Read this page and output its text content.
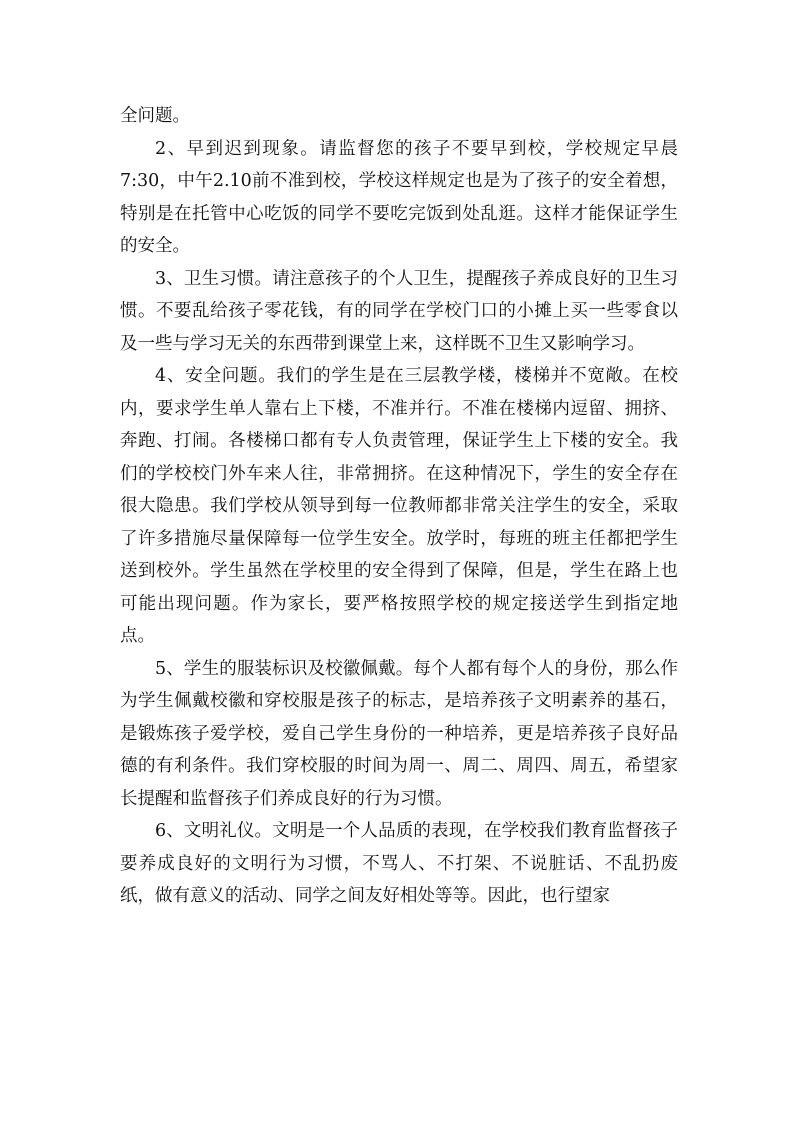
全问题。

2、早到迟到现象。请监督您的孩子不要早到校，学校规定早晨7:30，中午2.10前不准到校，学校这样规定也是为了孩子的安全着想，特别是在托管中心吃饭的同学不要吃完饭到处乱逛。这样才能保证学生的安全。

3、卫生习惯。请注意孩子的个人卫生，提醒孩子养成良好的卫生习惯。不要乱给孩子零花钱，有的同学在学校门口的小摊上买一些零食以及一些与学习无关的东西带到课堂上来，这样既不卫生又影响学习。

4、安全问题。我们的学生是在三层教学楼，楼梯并不宽敞。在校内，要求学生单人靠右上下楼，不准并行。不准在楼梯内逗留、拥挤、奔跑、打闹。各楼梯口都有专人负责管理，保证学生上下楼的安全。我们的学校校门外车来人往，非常拥挤。在这种情况下，学生的安全存在很大隐患。我们学校从领导到每一位教师都非常关注学生的安全，采取了许多措施尽量保障每一位学生安全。放学时，每班的班主任都把学生送到校外。学生虽然在学校里的安全得到了保障，但是，学生在路上也可能出现问题。作为家长，要严格按照学校的规定接送学生到指定地点。

5、学生的服装标识及校徽佩戴。每个人都有每个人的身份，那么作为学生佩戴校徽和穿校服是孩子的标志，是培养孩子文明素养的基石，是锻炼孩子爱学校，爱自己学生身份的一种培养，更是培养孩子良好品德的有利条件。我们穿校服的时间为周一、周二、周四、周五，希望家长提醒和监督孩子们养成良好的行为习惯。

6、文明礼仪。文明是一个人品质的表现，在学校我们教育监督孩子要养成良好的文明行为习惯，不骂人、不打架、不说脏话、不乱扔废纸，做有意义的活动、同学之间友好相处等等。因此，也行望家
